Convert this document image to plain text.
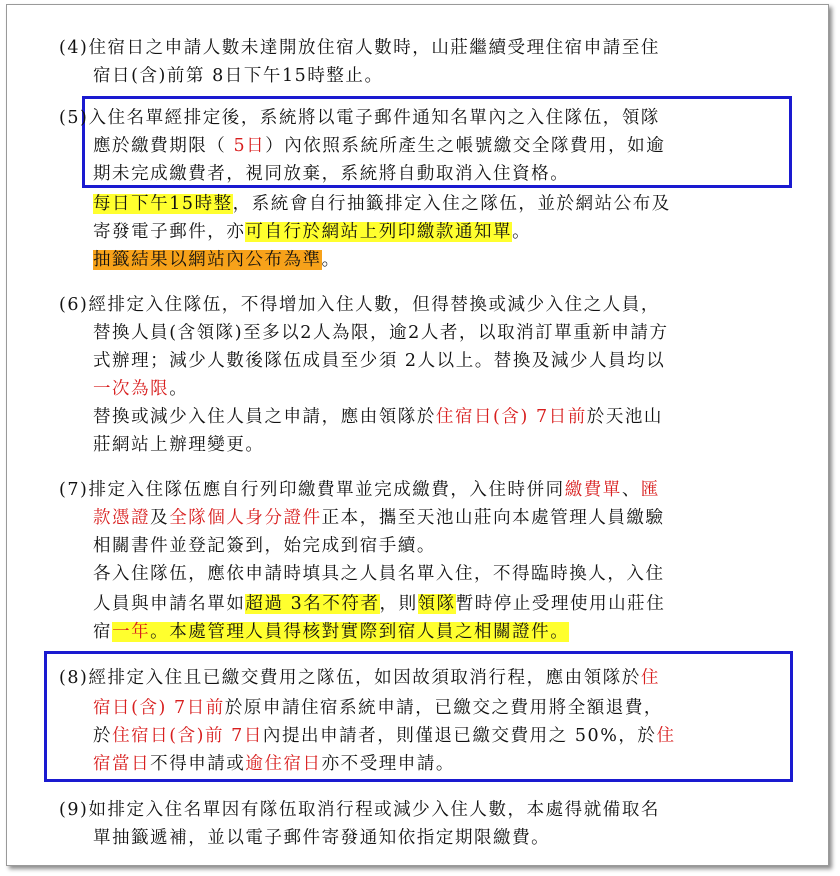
(4)住宿日之申請人數未達開放住宿人數時，山莊繼續受理住宿申請至住
宿日(含)前第 8日下午15時整止。
(5)入住名單經排定後，系統將以電子郵件通知名單內之入住隊伍，領隊
應於繳費期限（ 5日）內依照系統所產生之帳號繳交全隊費用，如逾
期未完成繳費者，視同放棄，系統將自動取消入住資格。
每日下午15時整，系統會自行抽籤排定入住之隊伍，並於網站公布及
寄發電子郵件，亦可自行於網站上列印繳款通知單。
抽籤結果以網站內公布為準。
(6)經排定入住隊伍，不得增加入住人數，但得替換或減少入住之人員，
替換人員(含領隊)至多以2人為限，逾2人者，以取消訂單重新申請方
式辦理；減少人數後隊伍成員至少須 2人以上。替換及減少人員均以
一次為限。
替換或減少入住人員之申請，應由領隊於住宿日(含) 7日前於天池山
莊網站上辦理變更。
(7)排定入住隊伍應自行列印繳費單並完成繳費，入住時併同繳費單、匯
款憑證及全隊個人身分證件正本，攜至天池山莊向本處管理人員繳驗
相關書件並登記簽到，始完成到宿手續。
各入住隊伍，應依申請時填具之人員名單入住，不得臨時換人，入住
人員與申請名單如超過 3名不符者，則領隊暫時停止受理使用山莊住
宿一年。本處管理人員得核對實際到宿人員之相關證件。
(8)經排定入住且已繳交費用之隊伍，如因故須取消行程，應由領隊於住
宿日(含) 7日前於原申請住宿系統申請，已繳交之費用將全額退費，
於住宿日(含)前 7日內提出申請者，則僅退已繳交費用之 50%，於住
宿當日不得申請或逾住宿日亦不受理申請。
(9)如排定入住名單因有隊伍取消行程或減少入住人數，本處得就備取名
單抽籤遞補，並以電子郵件寄發通知依指定期限繳費。
